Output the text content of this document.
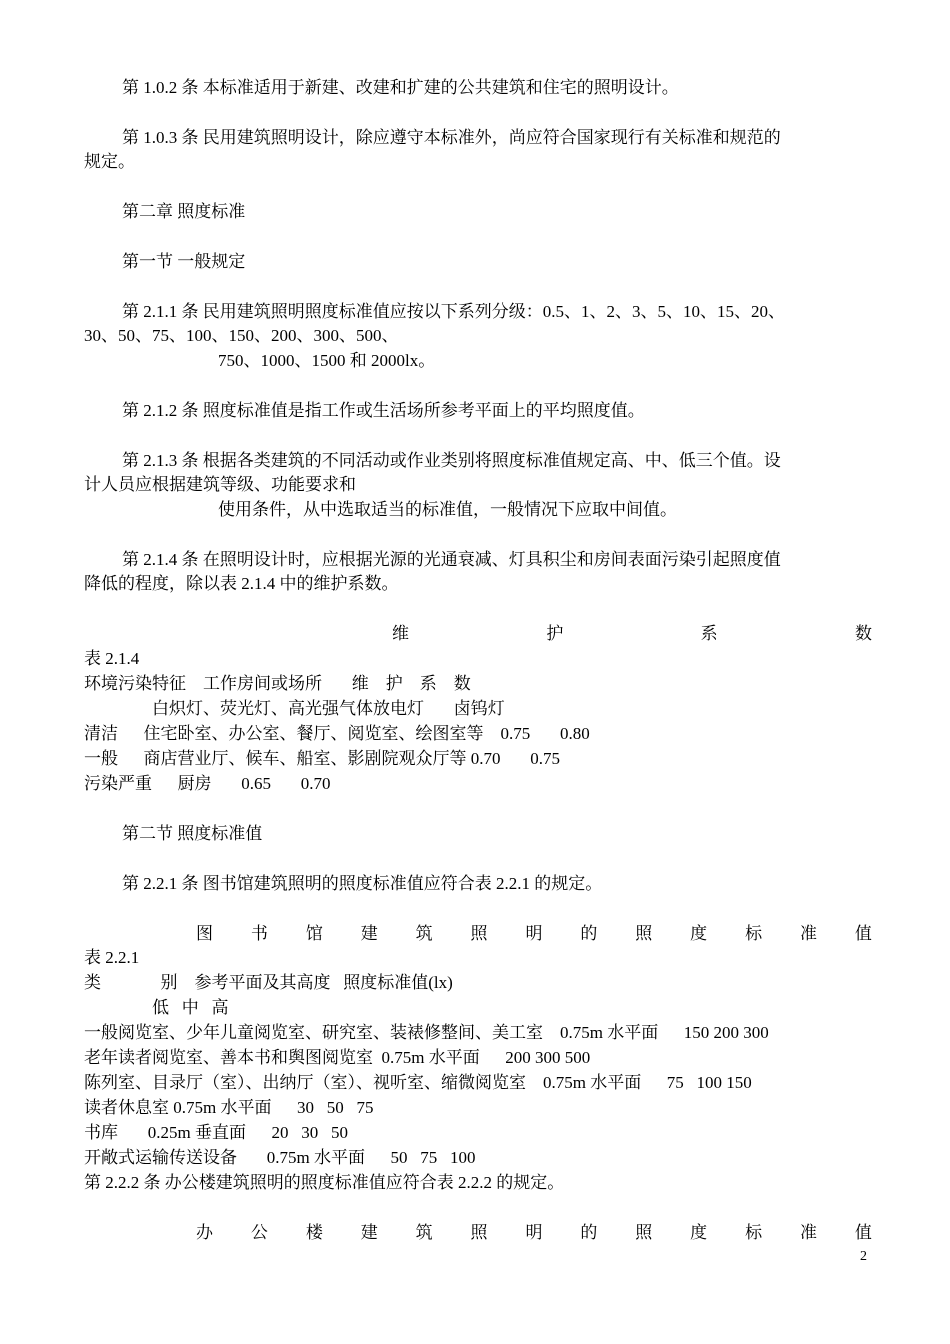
第 1.0.2 条 本标准适用于新建、改建和扩建的公共建筑和住宅的照明设计。
第 1.0.3 条 民用建筑照明设计，除应遵守本标准外，尚应符合国家现行有关标准和规范的
规定。
第二章 照度标准
第一节 一般规定
第 2.1.1 条 民用建筑照明照度标准值应按以下系列分级：0.5、1、2、3、5、10、15、20、
30、50、75、100、150、200、300、500、
750、1000、1500 和 2000lx。
第 2.1.2 条 照度标准值是指工作或生活场所参考平面上的平均照度值。
第 2.1.3 条 根据各类建筑的不同活动或作业类别将照度标准值规定高、中、低三个值。设
计人员应根据建筑等级、功能要求和
使用条件，从中选取适当的标准值，一般情况下应取中间值。
第 2.1.4 条 在照明设计时，应根据光源的光通衰减、灯具积尘和房间表面污染引起照度值
降低的程度，除以表 2.1.4 中的维护系数。
维	护	系	数
表 2.1.4
环境污染特征    工作房间或场所       维    护    系    数
白炽灯、荧光灯、高光强气体放电灯       卤钨灯
清洁      住宅卧室、办公室、餐厅、阅览室、绘图室等    0.75       0.80
一般      商店营业厅、候车、船室、影剧院观众厅等 0.70       0.75
污染严重      厨房       0.65       0.70
第二节 照度标准值
第 2.2.1 条 图书馆建筑照明的照度标准值应符合表 2.2.1 的规定。
图 书 馆 建 筑 照 明 的 照 度 标 准 值
表 2.2.1
类              别    参考平面及其高度   照度标准值(lx)
低   中   高
一般阅览室、少年儿童阅览室、研究室、装裱修整间、美工室    0.75m 水平面      150 200 300
老年读者阅览室、善本书和舆图阅览室  0.75m 水平面      200 300 500
陈列室、目录厅（室）、出纳厅（室）、视听室、缩微阅览室    0.75m 水平面      75   100 150
读者休息室 0.75m 水平面      30   50   75
书库       0.25m 垂直面      20   30   50
开敞式运输传送设备       0.75m 水平面      50   75   100
第 2.2.2 条 办公楼建筑照明的照度标准值应符合表 2.2.2 的规定。
办 公 楼 建 筑 照 明 的 照 度 标 准 值
2
